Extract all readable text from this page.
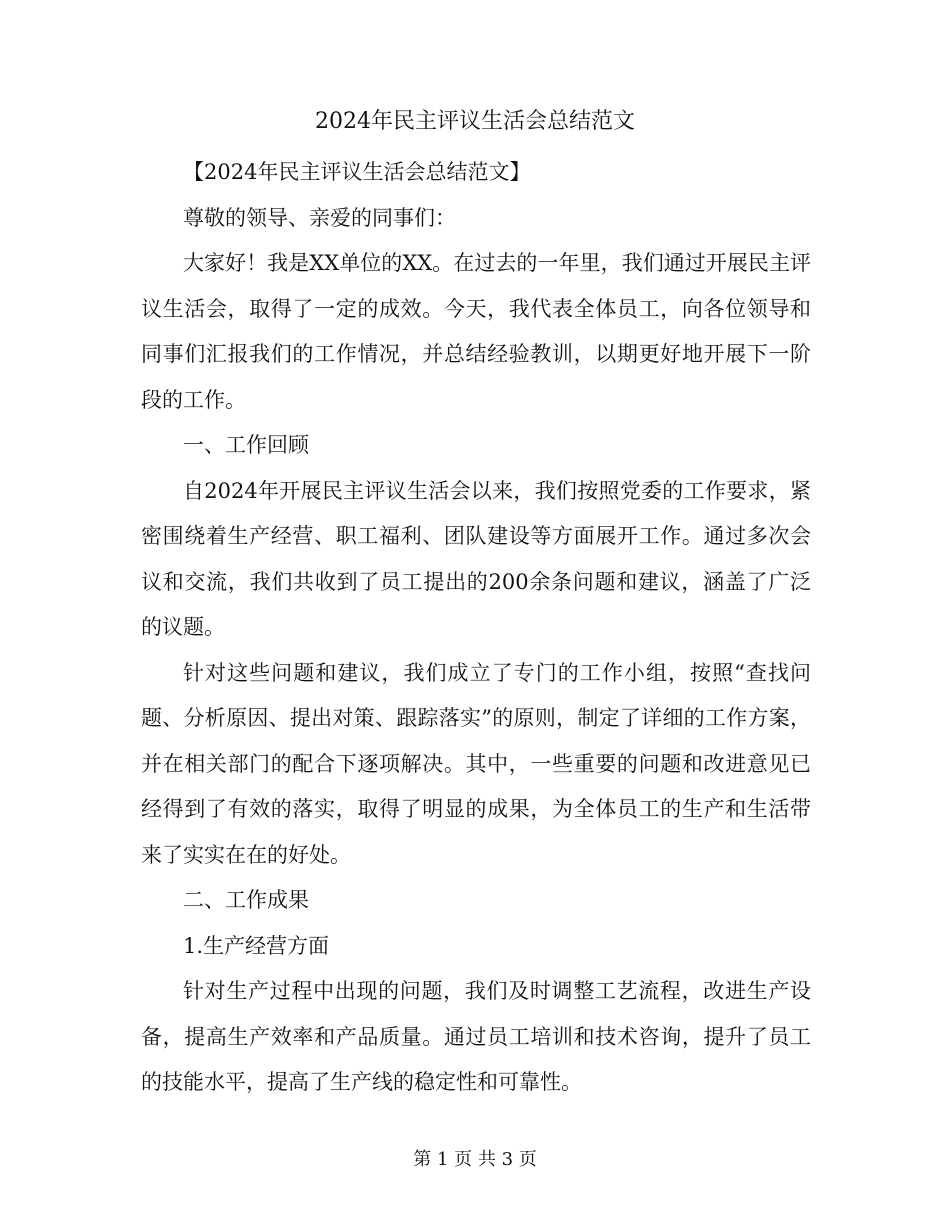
2024年民主评议生活会总结范文

【2024年民主评议生活会总结范文】

尊敬的领导、亲爱的同事们：

大家好！我是XX单位的XX。在过去的一年里，我们通过开展民主评议生活会，取得了一定的成效。今天，我代表全体员工，向各位领导和同事们汇报我们的工作情况，并总结经验教训，以期更好地开展下一阶段的工作。

一、工作回顾

自2024年开展民主评议生活会以来，我们按照党委的工作要求，紧密围绕着生产经营、职工福利、团队建设等方面展开工作。通过多次会议和交流，我们共收到了员工提出的200余条问题和建议，涵盖了广泛的议题。

针对这些问题和建议，我们成立了专门的工作小组，按照“查找问题、分析原因、提出对策、跟踪落实”的原则，制定了详细的工作方案，并在相关部门的配合下逐项解决。其中，一些重要的问题和改进意见已经得到了有效的落实，取得了明显的成果，为全体员工的生产和生活带来了实实在在的好处。

二、工作成果

1.生产经营方面

针对生产过程中出现的问题，我们及时调整工艺流程，改进生产设备，提高生产效率和产品质量。通过员工培训和技术咨询，提升了员工的技能水平，提高了生产线的稳定性和可靠性。

第 1 页 共 3 页
